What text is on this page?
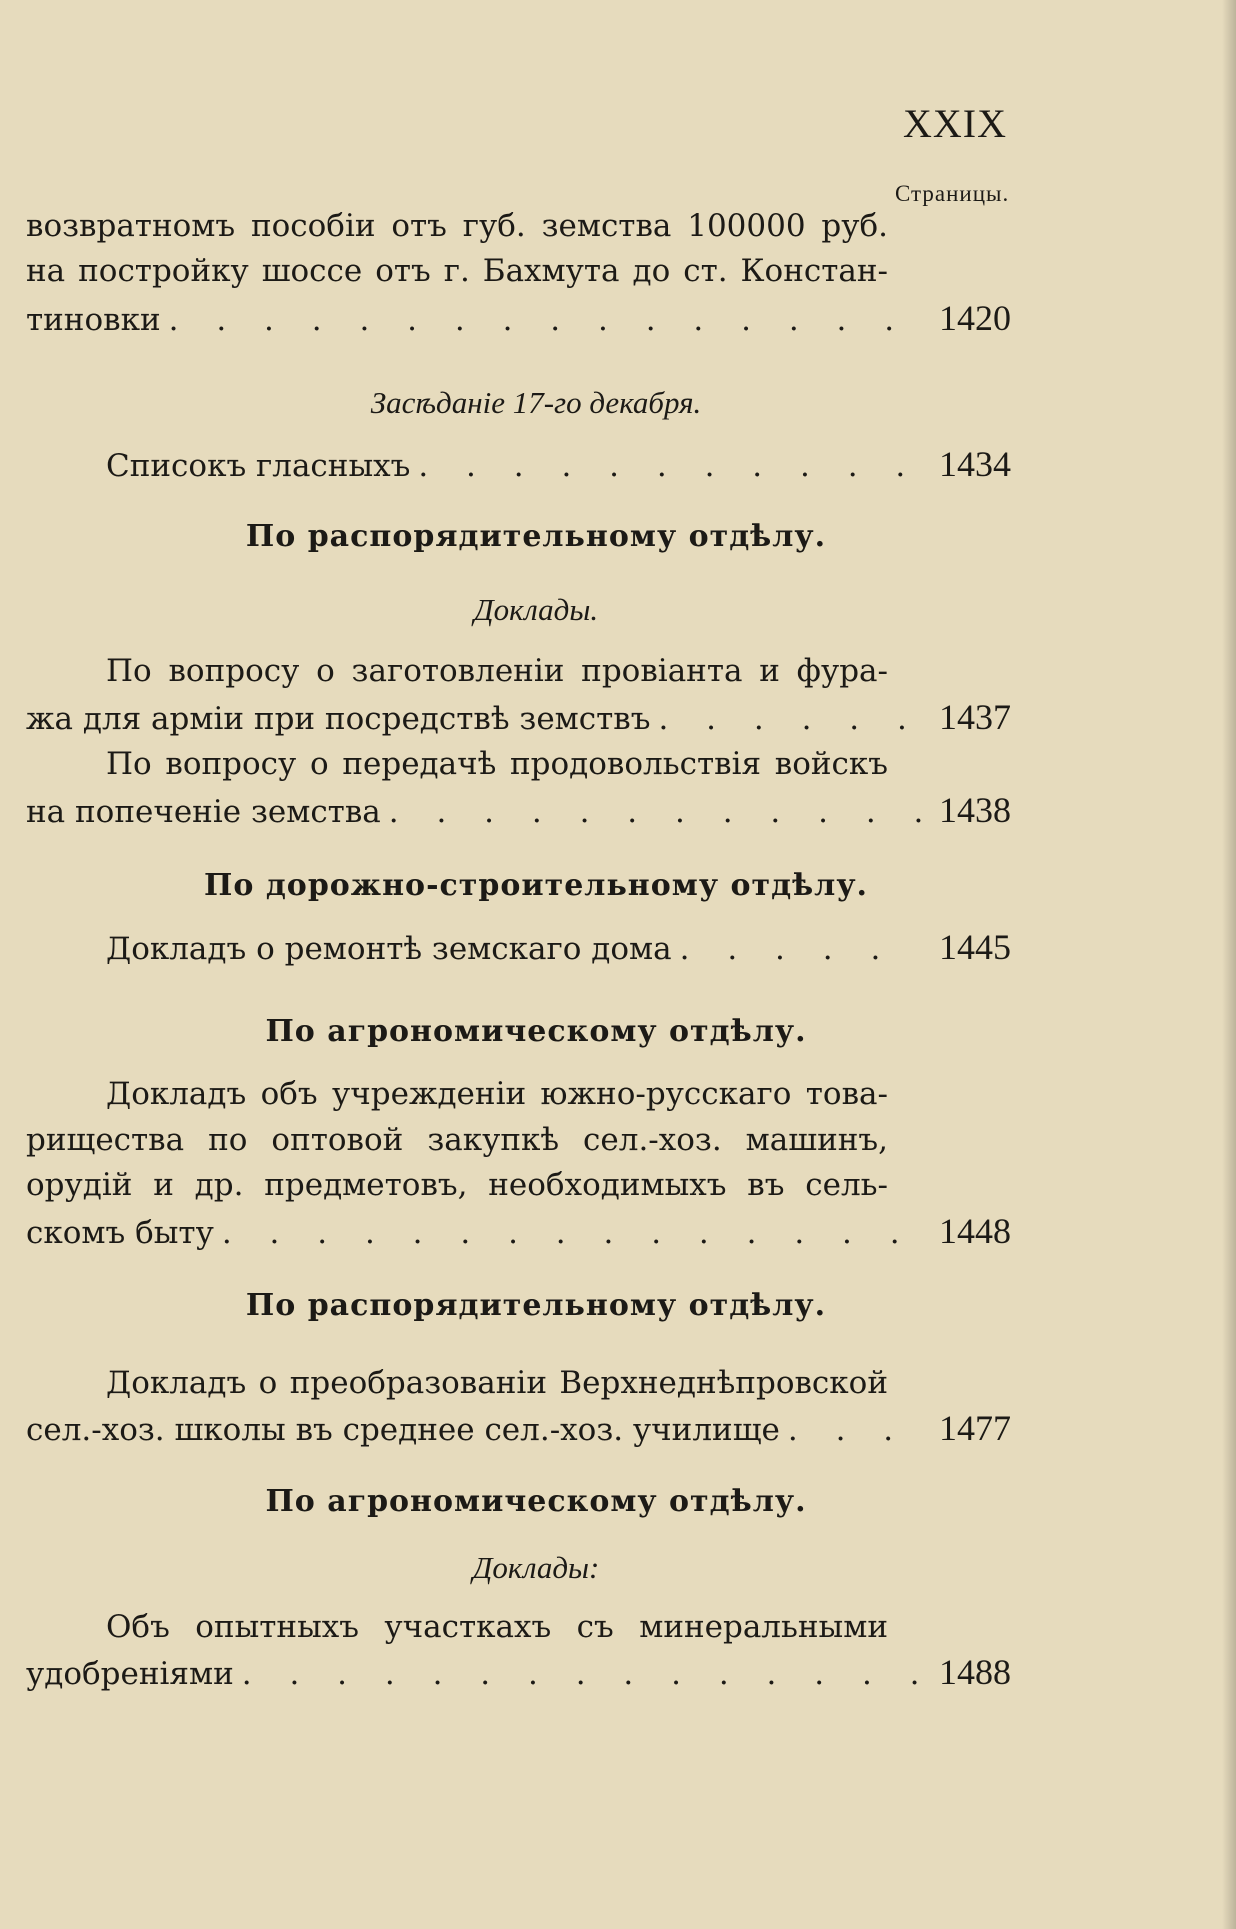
XXIX
Страницы.
возвратномъ пособіи отъ губ. земства 100000 руб.
на постройку шоссе отъ г. Бахмута до ст. Констан-
тиновки . . .	1420
Засѣданіе 17-го декабря.
Списокъ гласныхъ . . .	1434
По распорядительному отдѣлу.
Доклады.
По вопросу о заготовленіи провіанта и фура-
жа для арміи при посредствѣ земствъ . . .	1437
По вопросу о передачѣ продовольствія войскъ
на попеченіе земства . . .	1438
По дорожно-строительному отдѣлу.
Докладъ о ремонтѣ земскаго дома . . .	1445
По агрономическому отдѣлу.
Докладъ объ учрежденіи южно-русскаго това-
рищества по оптовой закупкѣ сел.-хоз. машинъ,
орудій и др. предметовъ, необходимыхъ въ сель-
скомъ быту . . .	1448
По распорядительному отдѣлу.
Докладъ о преобразованіи Верхнеднѣпровской
сел.-хоз. школы въ среднее сел.-хоз. училище . . .	1477
По агрономическому отдѣлу.
Доклады:
Объ опытныхъ участкахъ съ минеральными
удобреніями . . .	1488
